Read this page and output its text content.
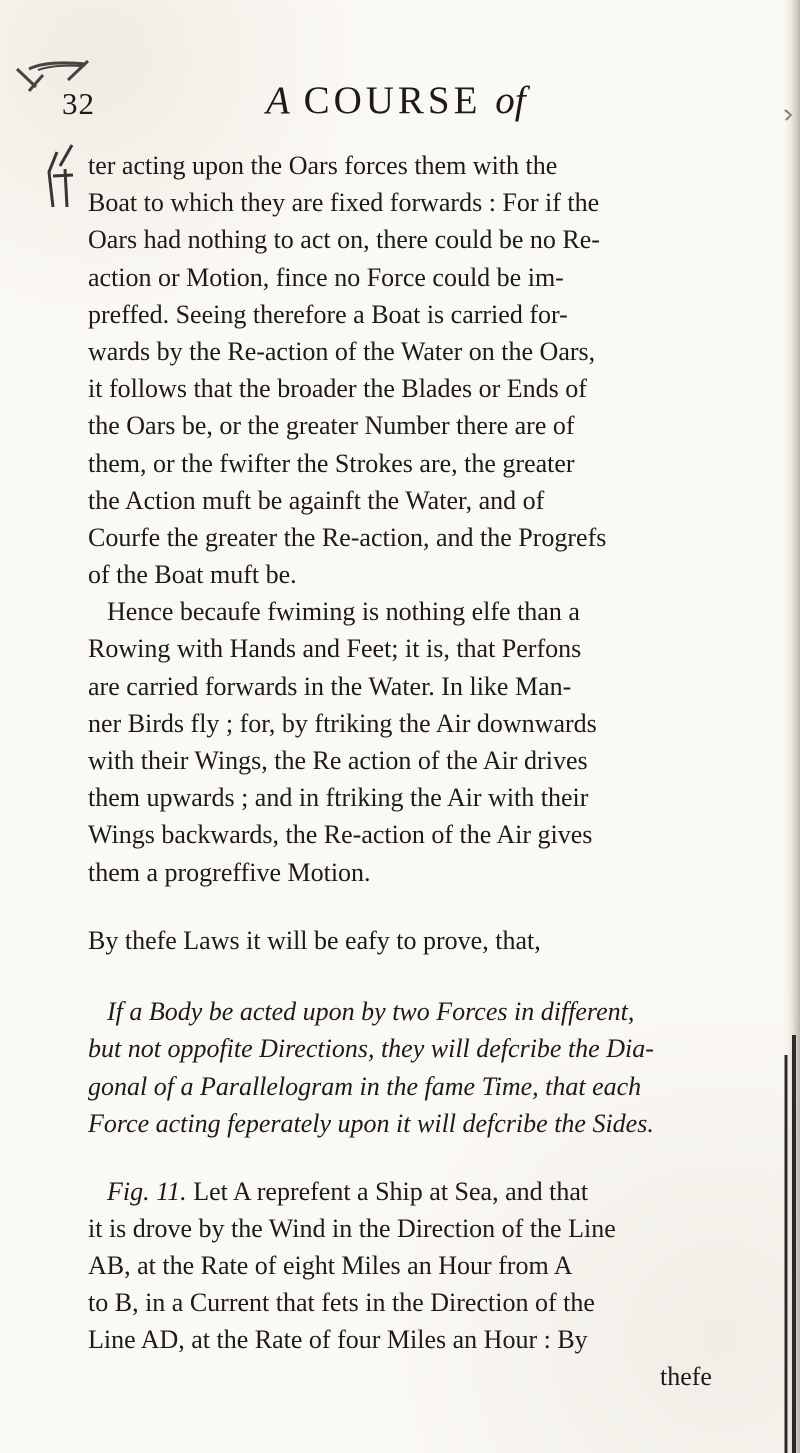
32	A COURSE of
ter acting upon the Oars forces them with the
Boat to which they are fixed forwards : For if the
Oars had nothing to act on, there could be no Re-
action or Motion, fince no Force could be im-
preffed. Seeing therefore a Boat is carried for-
wards by the Re-action of the Water on the Oars,
it follows that the broader the Blades or Ends of
the Oars be, or the greater Number there are of
them, or the fwifter the Strokes are, the greater
the Action muft be againft the Water, and of
Courfe the greater the Re-action, and the Progrefs
of the Boat muft be.
Hence becaufe fwiming is nothing elfe than a
Rowing with Hands and Feet; it is, that Perfons
are carried forwards in the Water. In like Man-
ner Birds fly ; for, by ftriking the Air downwards
with their Wings, the Re action of the Air drives
them upwards ; and in ftriking the Air with their
Wings backwards, the Re-action of the Air gives
them a progreffive Motion.
By thefe Laws it will be eafy to prove, that,
If a Body be acted upon by two Forces in different,
but not oppofite Directions, they will defcribe the Dia-
gonal of a Parallelogram in the fame Time, that each
Force acting feperately upon it will defcribe the Sides.
Fig. 11. Let A reprefent a Ship at Sea, and that
it is drove by the Wind in the Direction of the Line
AB, at the Rate of eight Miles an Hour from A
to B, in a Current that fets in the Direction of the
Line AD, at the Rate of four Miles an Hour : By
thefe
